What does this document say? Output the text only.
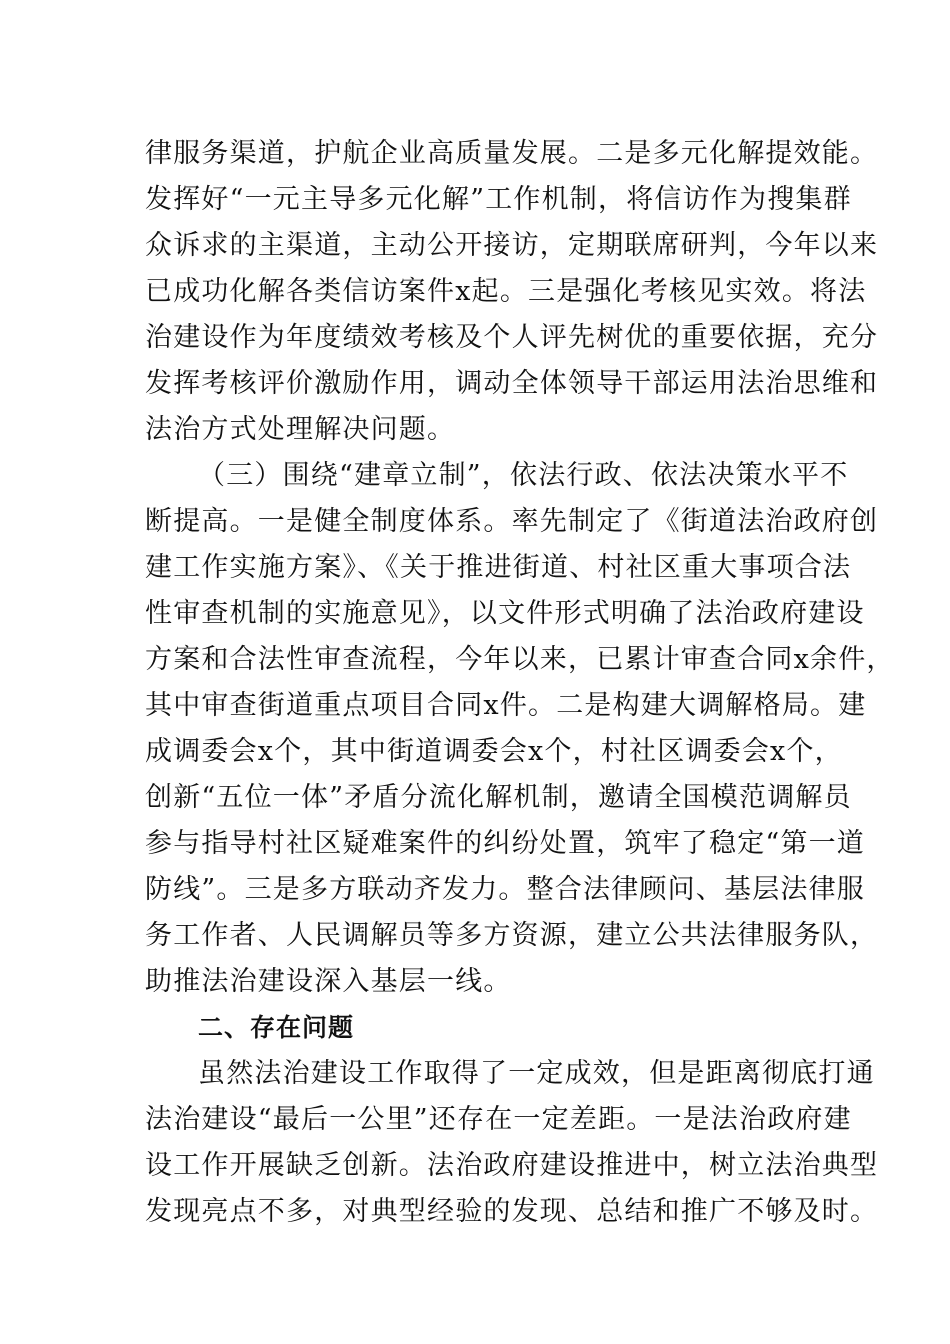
律服务渠道，护航企业高质量发展。二是多元化解提效能。
发挥好“一元主导多元化解”工作机制，将信访作为搜集群
众诉求的主渠道，主动公开接访，定期联席研判，今年以来
已成功化解各类信访案件x起。三是强化考核见实效。将法
治建设作为年度绩效考核及个人评先树优的重要依据，充分
发挥考核评价激励作用，调动全体领导干部运用法治思维和
法治方式处理解决问题。
（三）围绕“建章立制”，依法行政、依法决策水平不
断提高。一是健全制度体系。率先制定了《街道法治政府创
建工作实施方案》、《关于推进街道、村社区重大事项合法
性审查机制的实施意见》，以文件形式明确了法治政府建设
方案和合法性审查流程，今年以来，已累计审查合同x余件，
其中审查街道重点项目合同x件。二是构建大调解格局。建
成调委会x个，其中街道调委会x个，村社区调委会x个，
创新“五位一体”矛盾分流化解机制，邀请全国模范调解员
参与指导村社区疑难案件的纠纷处置，筑牢了稳定“第一道
防线”。三是多方联动齐发力。整合法律顾问、基层法律服
务工作者、人民调解员等多方资源，建立公共法律服务队，
助推法治建设深入基层一线。
二、存在问题
虽然法治建设工作取得了一定成效，但是距离彻底打通
法治建设“最后一公里”还存在一定差距。一是法治政府建
设工作开展缺乏创新。法治政府建设推进中，树立法治典型
发现亮点不多，对典型经验的发现、总结和推广不够及时。
